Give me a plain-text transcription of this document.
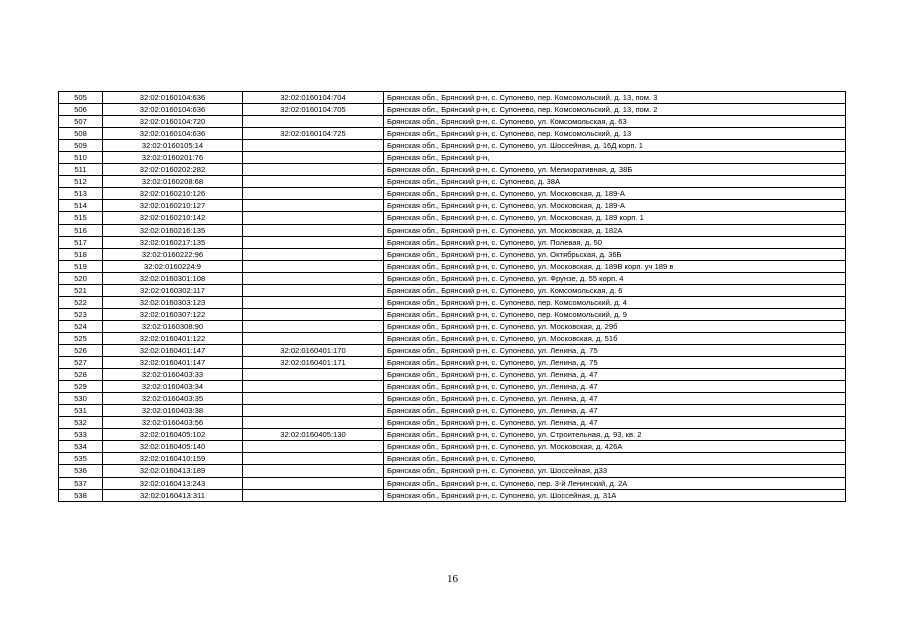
505	32:02:0160104:636	32:02:0160104:704	Брянская обл., Брянский р-н, с. Супонево, пер. Комсомольский, д. 13, пом. 3
506	32:02:0160104:636	32:02:0160104:705	Брянская обл., Брянский р-н, с. Супонево, пер. Комсомольский, д. 13, пом. 2
507	32:02:0160104:720		Брянская обл., Брянский р-н, с. Супонево, ул. Комсомольская, д. 63
508	32:02:0160104:636	32:02:0160104:725	Брянская обл., Брянский р-н, с. Супонево, пер. Комсомольский, д. 13
509	32:02:0160105:14		Брянская обл., Брянский р-н, с. Супонево, ул. Шоссейная, д. 16Д корп. 1
510	32:02:0160201:76		Брянская обл., Брянский р-н,
511	32:02:0160202:282		Брянская обл., Брянский р-н, с. Супонево, ул. Мелиоративная, д. 38Б
512	32:02:0160208:68		Брянская обл., Брянский р-н, с. Супонево, д. 38А
513	32:02:0160210:126		Брянская обл., Брянский р-н, с. Супонево, ул. Московская, д. 189-А
514	32:02:0160210:127		Брянская обл., Брянский р-н, с. Супонево, ул. Московская, д. 189-А
515	32:02:0160210:142		Брянская обл., Брянский р-н, с. Супонево, ул. Московская, д. 189 корп. 1
516	32:02:0160216:135		Брянская обл., Брянский р-н, с. Супонево, ул. Московская, д. 182А
517	32:02:0160217:135		Брянская обл., Брянский р-н, с. Супонево, ул. Полевая, д. 50
518	32:02:0160222:96		Брянская обл., Брянский р-н, с. Супонево, ул. Октябрьская, д. 36Б
519	32:02:0160224:9		Брянская обл., Брянский р-н, с. Супонево, ул. Московская, д. 189В корп. уч 189 в
520	32:02:0160301:108		Брянская обл., Брянский р-н, с. Супонево, ул. Фрунзе, д. 55 корп. 4
521	32:02:0160302:117		Брянская обл., Брянский р-н, с. Супонево, ул. Комсомольская, д. 6
522	32:02:0160303:123		Брянская обл., Брянский р-н, с. Супонево, пер. Комсомольский, д. 4
523	32:02:0160307:122		Брянская обл., Брянский р-н, с. Супонево, пер. Комсомольский, д. 9
524	32:02:0160308:90		Брянская обл., Брянский р-н, с. Супонево, ул. Московская, д. 29б
525	32:02:0160401:122		Брянская обл., Брянский р-н, с. Супонево, ул. Московская, д. 51б
526	32:02:0160401:147	32:02:0160401:170	Брянская обл., Брянский р-н, с. Супонево, ул. Ленина, д. 75
527	32:02:0160401:147	32:02:0160401:171	Брянская обл., Брянский р-н, с. Супонево, ул. Ленина, д. 75
528	32:02:0160403:33		Брянская обл., Брянский р-н, с. Супонево, ул. Ленина, д. 47
529	32:02:0160403:34		Брянская обл., Брянский р-н, с. Супонево, ул. Ленина, д. 47
530	32:02:0160403:35		Брянская обл., Брянский р-н, с. Супонево, ул. Ленина, д. 47
531	32:02:0160403:38		Брянская обл., Брянский р-н, с. Супонево, ул. Ленина, д. 47
532	32:02:0160403:56		Брянская обл., Брянский р-н, с. Супонево, ул. Ленина, д. 47
533	32:02:0160405:102	32:02:0160405:130	Брянская обл., Брянский р-н, с. Супонево, ул. Строительная, д. 93, кв. 2
534	32:02:0160405:140		Брянская обл., Брянский р-н, с. Супонево, ул. Московская, д. 426А
535	32:02:0160410:159		Брянская обл., Брянский р-н, с. Супонево,
536	32:02:0160413:189		Брянская обл., Брянский р-н, с. Супонево, ул. Шоссейная, д33
537	32:02:0160413:243		Брянская обл., Брянский р-н, с. Супонево, пер. 3-й Ленинский, д. 2А
538	32:02:0160413:311		Брянская обл., Брянский р-н, с. Супонево, ул. Шоссейная, д. 31А
16
